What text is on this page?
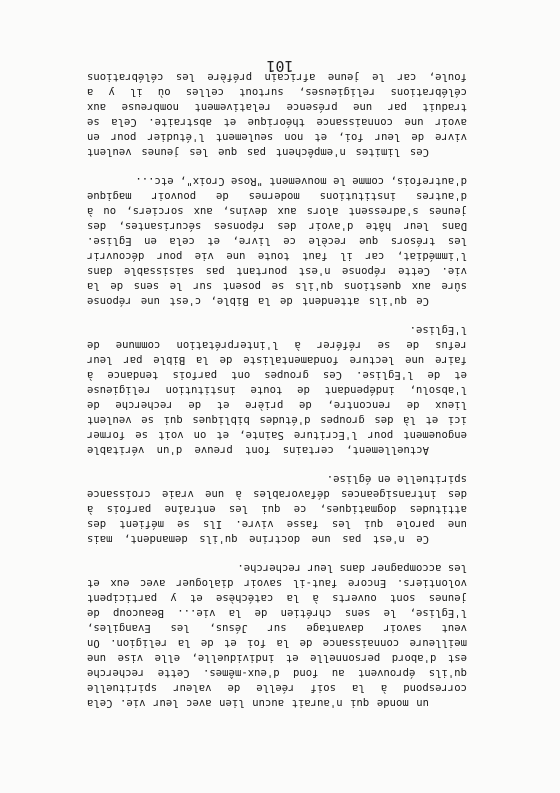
un monde qui n'aurait aucun lien avec leur vie. Cela
correspond à la soif réelle de valeur spirituelle
qu'ils éprouvent au fond d'eux-mêmes. Cette recherche
est d'abord personnelle et individuelle, elle vise une
meilleure connaissance de la foi et de la religion. On
veut savoir davantage sur Jésus, les Evangiles,
l'Eglise, le sens chrétien de la vie... Beaucoup de
jeunes sont ouverts à la catéchèse et y participent
volontiers. Encore faut-il savoir dialoguer avec eux et
les accompagner dans leur recherche.
Ce n'est pas une doctrine qu'ils demandent, mais
une parole qui les fasse vivre. Ils se méfient des
attitudes dogmatiques, ce qui les entraîne parfois à
des intransigeances défavorables à une vraie croissance
spirituelle en église.
Actuellement, certains font preuve d'un véritable
engouement pour l'Ecriture Sainte, et on voit se former
ici et là des groupes d'études bibliques qui se veulent
lieux de rencontre, de prière et de recherche de
l'absolu, indépendant de toute institution religieuse
et de l'Eglise. Ces groupes ont parfois tendance à
faire une lecture fondamentaliste de la Bible par leur
refus de se référer à l'interprétation commune de
l'Eglise.
Ce qu'ils attendent de la Bible, c'est une réponse
sûre aux questions qu'ils se posent sur le sens de la
vie. Cette réponse n'est pourtant pas saisissable dans
l'immédiat, car il faut toute une vie pour découvrir
les trésors que recèle ce livre, et cela en Eglise.
Dans leur hâte d'avoir des réponses sécurisantes, des
jeunes s'adressent alors aux devins, aux sorciers, ou à
d'autres institutions modernes de pouvoir magique
d'autrefois, comme le mouvement "Rose Croix", etc...
Ces limites n'empêchent pas que les jeunes veulent
vivre de leur foi, et non seulement l'étudier pour en
avoir une connaissance théorique et abstraite. Cela se
traduit par une présence relativement nombreuse aux
célébrations religieuses, surtout celles où il y a
foule, car le jeune africain préfère les célébrations
101
